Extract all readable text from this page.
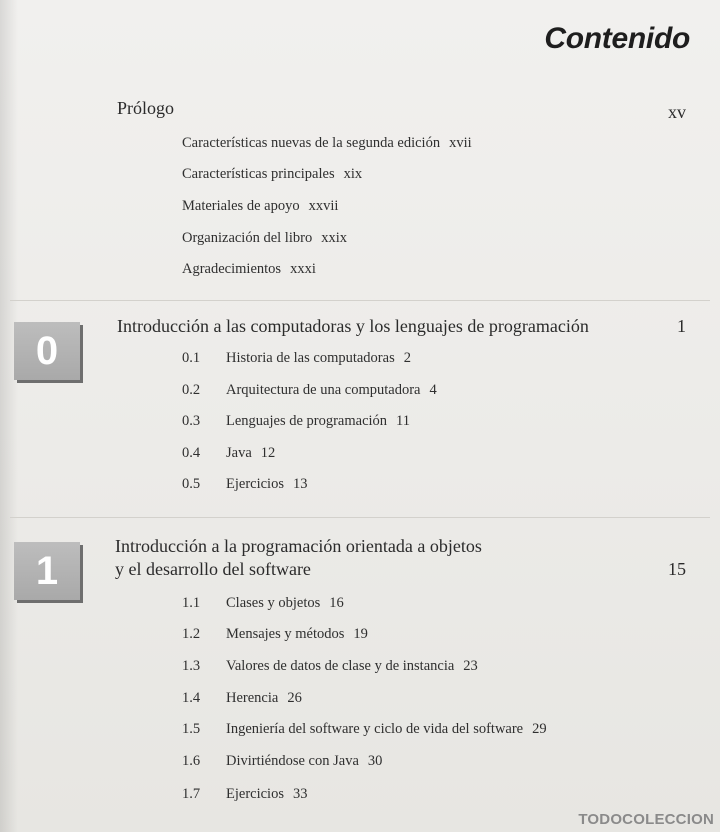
Contenido
Prólogo	xv
Características nuevas de la segunda edición xvii
Características principales xix
Materiales de apoyo xxvii
Organización del libro xxix
Agradecimientos xxxi
0
Introducción a las computadoras y los lenguajes de programación	1
0.1 Historia de las computadoras 2
0.2 Arquitectura de una computadora 4
0.3 Lenguajes de programación 11
0.4 Java 12
0.5 Ejercicios 13
1
Introducción a la programación orientada a objetos
y el desarrollo del software	15
1.1 Clases y objetos 16
1.2 Mensajes y métodos 19
1.3 Valores de datos de clase y de instancia 23
1.4 Herencia 26
1.5 Ingeniería del software y ciclo de vida del software 29
1.6 Divirtiéndose con Java 30
1.7 Ejercicios 33
TODOCOLECCION
